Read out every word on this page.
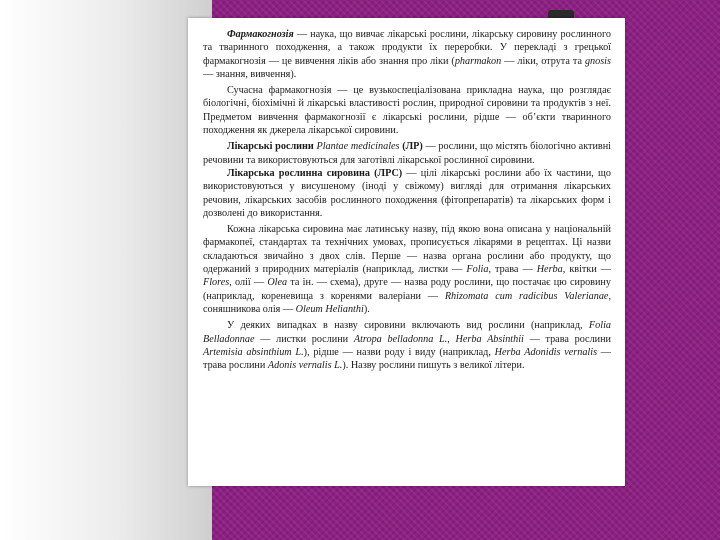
Фармакогнозія — наука, що вивчає лікарські рослини, лікарську сировину рослинного та тваринного походження, а також продукти їх переробки. У перекладі з грецької фармакогнозія — це вивчення ліків або знання про ліки (pharmakon — ліки, отрута та gnosis — знання, вивчення).

Сучасна фармакогнозія — це вузькоспеціалізована прикладна наука, що розглядає біологічні, біохімічні й лікарські властивості рослин, природної сировини та продуктів з неї. Предметом вивчення фармакогнозії є лікарські рослини, рідше — об’єкти тваринного походження як джерела лікарської сировини.

Лікарські рослини Plantae medicinales (ЛР) — рослини, що містять біологічно активні речовини та використовуються для заготівлі лікарської рослинної сировини.

Лікарська рослинна сировина (ЛРС) — цілі лікарські рослини або їх частини, що використовуються у висушеному (іноді у свіжому) вигляді для отримання лікарських речовин, лікарських засобів рослинного походження (фітопрепаратів) та лікарських форм і дозволені до використання.

Кожна лікарська сировина має латинську назву, під якою вона описана у національній фармакопеї, стандартах та технічних умовах, прописується лікарями в рецептах. Ці назви складаються звичайно з двох слів. Перше — назва органа рослини або продукту, що одержаний з природних матеріалів (наприклад, листки — Folia, трава — Herba, квітки — Flores, олії — Olea та ін. — схема), друге — назва роду рослини, що постачає цю сировину (наприклад, кореневища з коренями валеріани — Rhizomata cum radicibus Valerianae, соняшникова олія — Oleum Helianthi).

У деяких випадках в назву сировини включають вид рослини (наприклад, Folia Belladonnae — листки рослини Atropa belladonna L., Herba Absinthii — трава рослини Artemisia absinthium L.), рідше — назви роду і виду (наприклад, Herba Adonidis vernalis — трава рослини Adonis vernalis L.). Назву рослини пишуть з великої літери.
